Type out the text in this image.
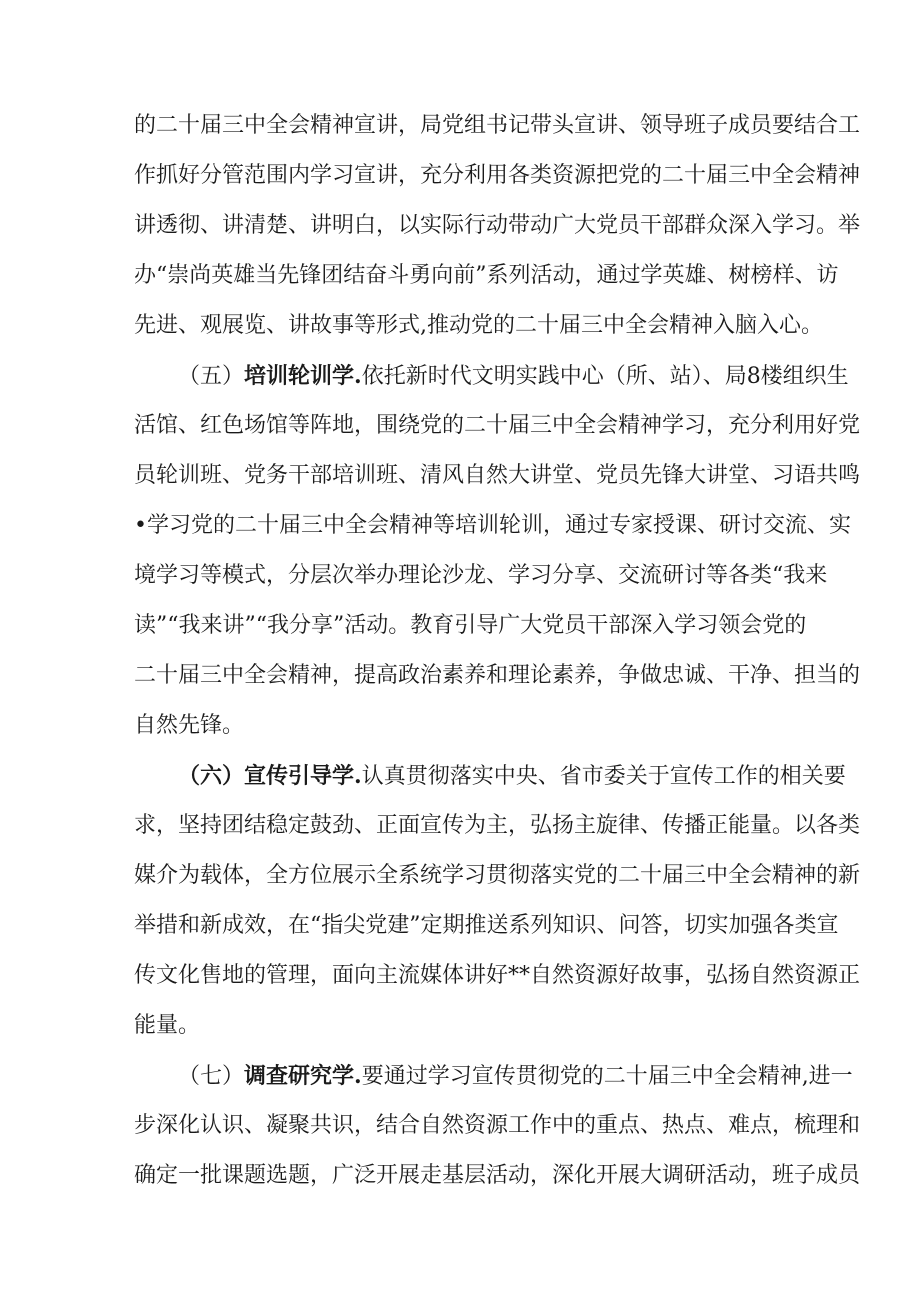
的二十届三中全会精神宣讲，局党组书记带头宣讲、领导班子成员要结合工
作抓好分管范围内学习宣讲，充分利用各类资源把党的二十届三中全会精神
讲透彻、讲清楚、讲明白，以实际行动带动广大党员干部群众深入学习。举
办“崇尚英雄当先锋团结奋斗勇向前”系列活动，通过学英雄、树榜样、访
先进、观展览、讲故事等形式,推动党的二十届三中全会精神入脑入心。
（五）培训轮训学.依托新时代文明实践中心（所、站）、局8楼组织生
活馆、红色场馆等阵地，围绕党的二十届三中全会精神学习，充分利用好党
员轮训班、党务干部培训班、清风自然大讲堂、党员先锋大讲堂、习语共鸣
•学习党的二十届三中全会精神等培训轮训，通过专家授课、研讨交流、实
境学习等模式，分层次举办理论沙龙、学习分享、交流研讨等各类“我来
读”“我来讲”“我分享”活动。教育引导广大党员干部深入学习领会党的
二十届三中全会精神，提高政治素养和理论素养，争做忠诚、干净、担当的
自然先锋。
（六）宣传引导学.认真贯彻落实中央、省市委关于宣传工作的相关要
求，坚持团结稳定鼓劲、正面宣传为主，弘扬主旋律、传播正能量。以各类
媒介为载体，全方位展示全系统学习贯彻落实党的二十届三中全会精神的新
举措和新成效，在“指尖党建”定期推送系列知识、问答，切实加强各类宣
传文化售地的管理，面向主流媒体讲好**自然资源好故事，弘扬自然资源正
能量。
（七）调查研究学.要通过学习宣传贯彻党的二十届三中全会精神,进一
步深化认识、凝聚共识，结合自然资源工作中的重点、热点、难点，梳理和
确定一批课题选题，广泛开展走基层活动，深化开展大调研活动，班子成员
